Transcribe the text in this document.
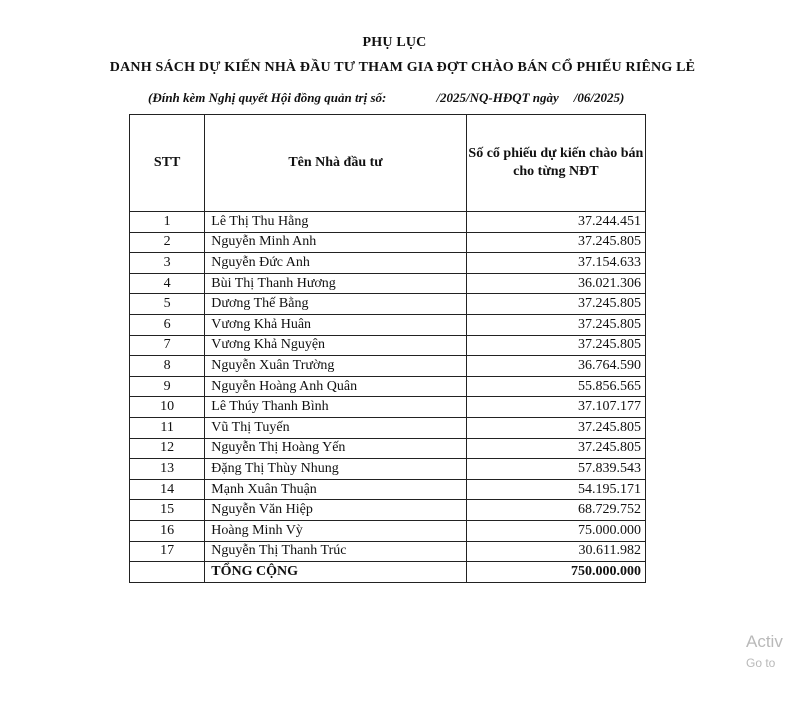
PHỤ LỤC
DANH SÁCH DỰ KIẾN NHÀ ĐẦU TƯ THAM GIA ĐỢT CHÀO BÁN CỔ PHIẾU RIÊNG LẺ
(Đính kèm Nghị quyết Hội đồng quản trị số:	/2025/NQ-HĐQT ngày /06/2025)
STT	Tên Nhà đầu tư	Số cổ phiếu dự kiến chào bán cho từng NĐT
1	Lê Thị Thu Hằng	37.244.451
2	Nguyễn Minh Anh	37.245.805
3	Nguyễn Đức Anh	37.154.633
4	Bùi Thị Thanh Hương	36.021.306
5	Dương Thế Bằng	37.245.805
6	Vương Khả Huân	37.245.805
7	Vương Khả Nguyện	37.245.805
8	Nguyễn Xuân Trường	36.764.590
9	Nguyễn Hoàng Anh Quân	55.856.565
10	Lê Thúy Thanh Bình	37.107.177
11	Vũ Thị Tuyến	37.245.805
12	Nguyễn Thị Hoàng Yến	37.245.805
13	Đặng Thị Thùy Nhung	57.839.543
14	Mạnh Xuân Thuận	54.195.171
15	Nguyễn Văn Hiệp	68.729.752
16	Hoàng Minh Vỳ	75.000.000
17	Nguyễn Thị Thanh Trúc	30.611.982
	TỔNG CỘNG	750.000.000
Activ
Go to
